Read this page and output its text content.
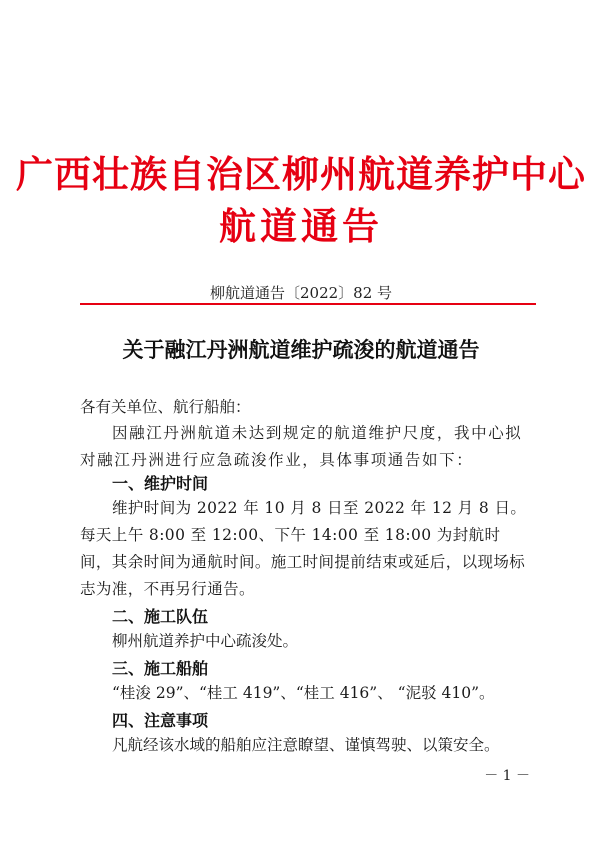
广西壮族自治区柳州航道养护中心
航道通告
柳航道通告〔2022〕82 号
关于融江丹洲航道维护疏浚的航道通告
各有关单位、航行船舶：
因融江丹洲航道未达到规定的航道维护尺度，我中心拟对融江丹洲进行应急疏浚作业，具体事项通告如下：
一、维护时间
维护时间为 2022 年 10 月 8 日至 2022 年 12 月 8 日。每天上午 8:00 至 12:00、下午 14:00 至 18:00 为封航时间，其余时间为通航时间。施工时间提前结束或延后，以现场标志为准，不再另行通告。
二、施工队伍
柳州航道养护中心疏浚处。
三、施工船舶
“桂浚 29”、“桂工 419”、“桂工 416”、 “泥驳 410”。
四、注意事项
凡航经该水域的船舶应注意瞭望、谨慎驾驶、以策安全。
－ 1 －
